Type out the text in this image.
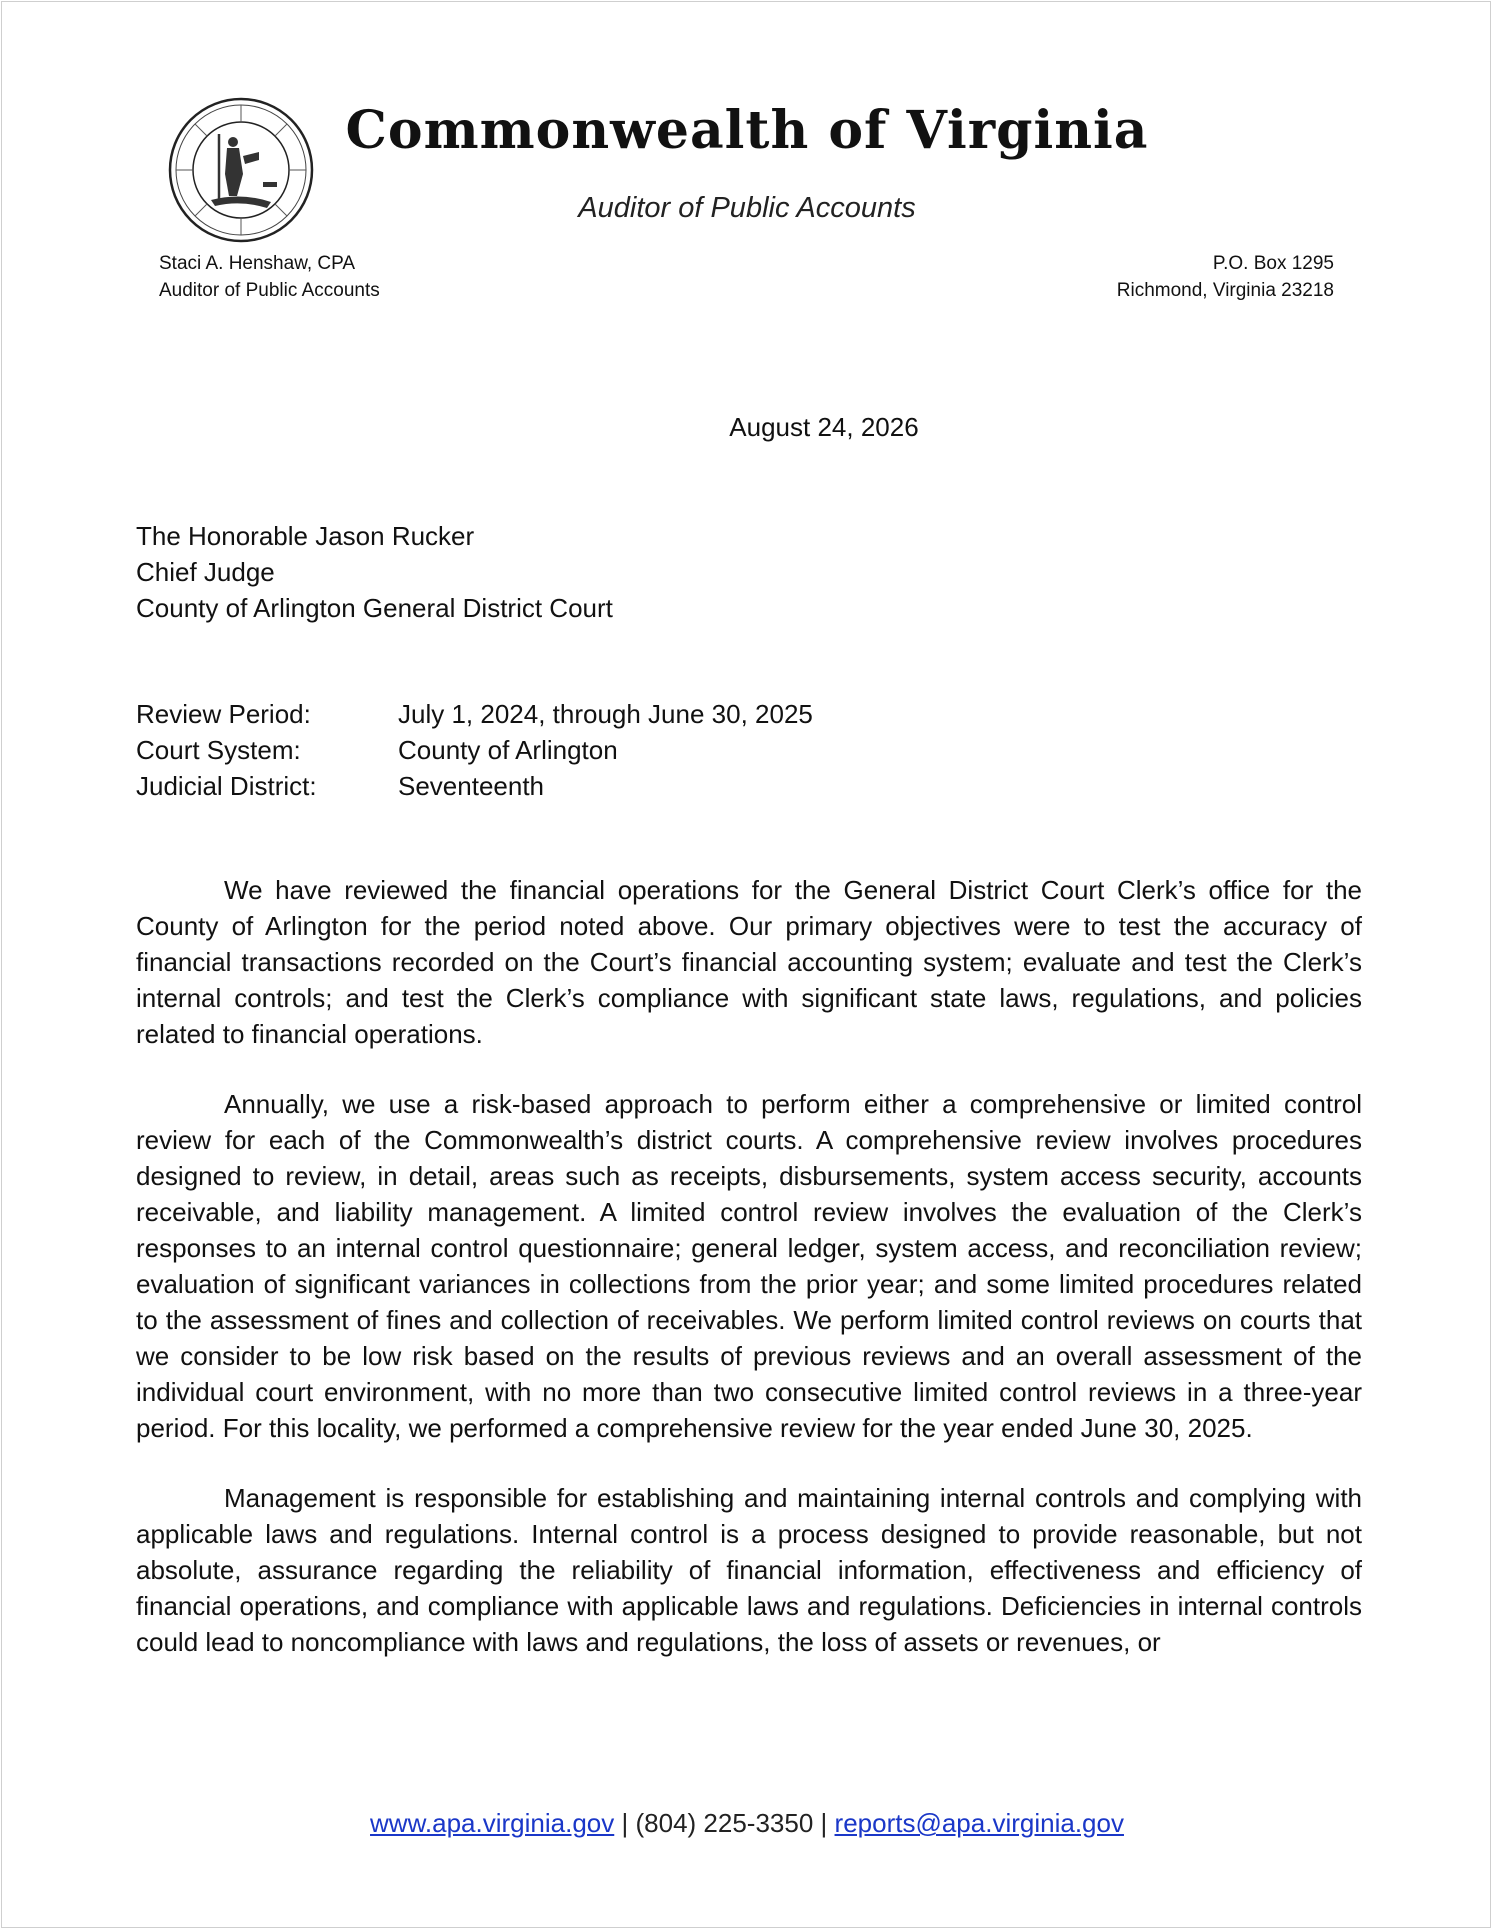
Commonwealth of Virginia
Auditor of Public Accounts
Staci A. Henshaw, CPA
Auditor of Public Accounts
P.O. Box 1295
Richmond, Virginia 23218
August 24, 2026
The Honorable Jason Rucker
Chief Judge
County of Arlington General District Court
Review Period:	July 1, 2024, through June 30, 2025
Court System:	County of Arlington
Judicial District:	Seventeenth

We have reviewed the financial operations for the General District Court Clerk’s office for the County of Arlington for the period noted above. Our primary objectives were to test the accuracy of financial transactions recorded on the Court’s financial accounting system; evaluate and test the Clerk’s internal controls; and test the Clerk’s compliance with significant state laws, regulations, and policies related to financial operations.

Annually, we use a risk-based approach to perform either a comprehensive or limited control review for each of the Commonwealth’s district courts. A comprehensive review involves procedures designed to review, in detail, areas such as receipts, disbursements, system access security, accounts receivable, and liability management. A limited control review involves the evaluation of the Clerk’s responses to an internal control questionnaire; general ledger, system access, and reconciliation review; evaluation of significant variances in collections from the prior year; and some limited procedures related to the assessment of fines and collection of receivables. We perform limited control reviews on courts that we consider to be low risk based on the results of previous reviews and an overall assessment of the individual court environment, with no more than two consecutive limited control reviews in a three-year period. For this locality, we performed a comprehensive review for the year ended June 30, 2025.

Management is responsible for establishing and maintaining internal controls and complying with applicable laws and regulations. Internal control is a process designed to provide reasonable, but not absolute, assurance regarding the reliability of financial information, effectiveness and efficiency of financial operations, and compliance with applicable laws and regulations. Deficiencies in internal controls could lead to noncompliance with laws and regulations, the loss of assets or revenues, or

www.apa.virginia.gov | (804) 225-3350 | reports@apa.virginia.gov
